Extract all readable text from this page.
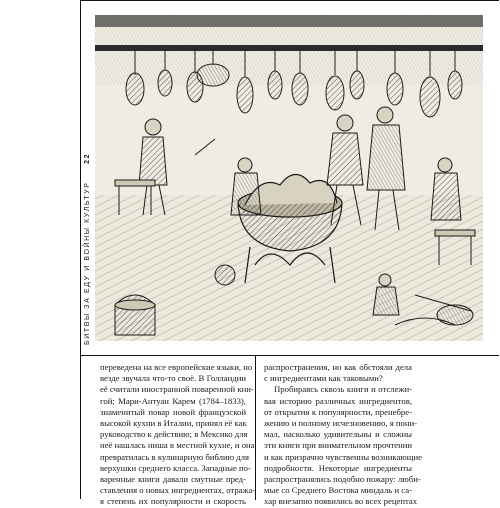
БИТВЫ ЗА ЕДУ И ВОЙНЫ КУЛЬТУР 22

переведена на все европейские языки, но
везде звучала что-то своё. В Голландии
её считали иностранной поваренной кни-
гой; Мари-Антуан Карем (1784–1833),
знаменитый повар новой французской
высокой кухни в Италии, принял её как
руководство к действию; в Мексико для
неё нашлась ниша в местной кухне, и она
превратилась в кулинарную библию для
верхушки среднего класса. Западные по-
варенные книги давали смутные пред-
ставления о новых ингредиентах, отража-
я степень их популярности и скорость

распространения, но как обстояли дела
с ингредиентами как таковыми?
Пробираясь сквозь книги и отслежи-
вая историю различных ингредиентов,
от открытия к популярности, пренебре-
жению и полному исчезновению, я пони-
мал, насколько удивительны и сложны
эти книги при внимательном прочтении
и как призрачно чувственны возникающие
подробности. Некоторые ингредиенты
распространялись подобно пожару: люби-
мые со Среднего Востока миндаль и са-
хар внезапно появились во всех рецептах
